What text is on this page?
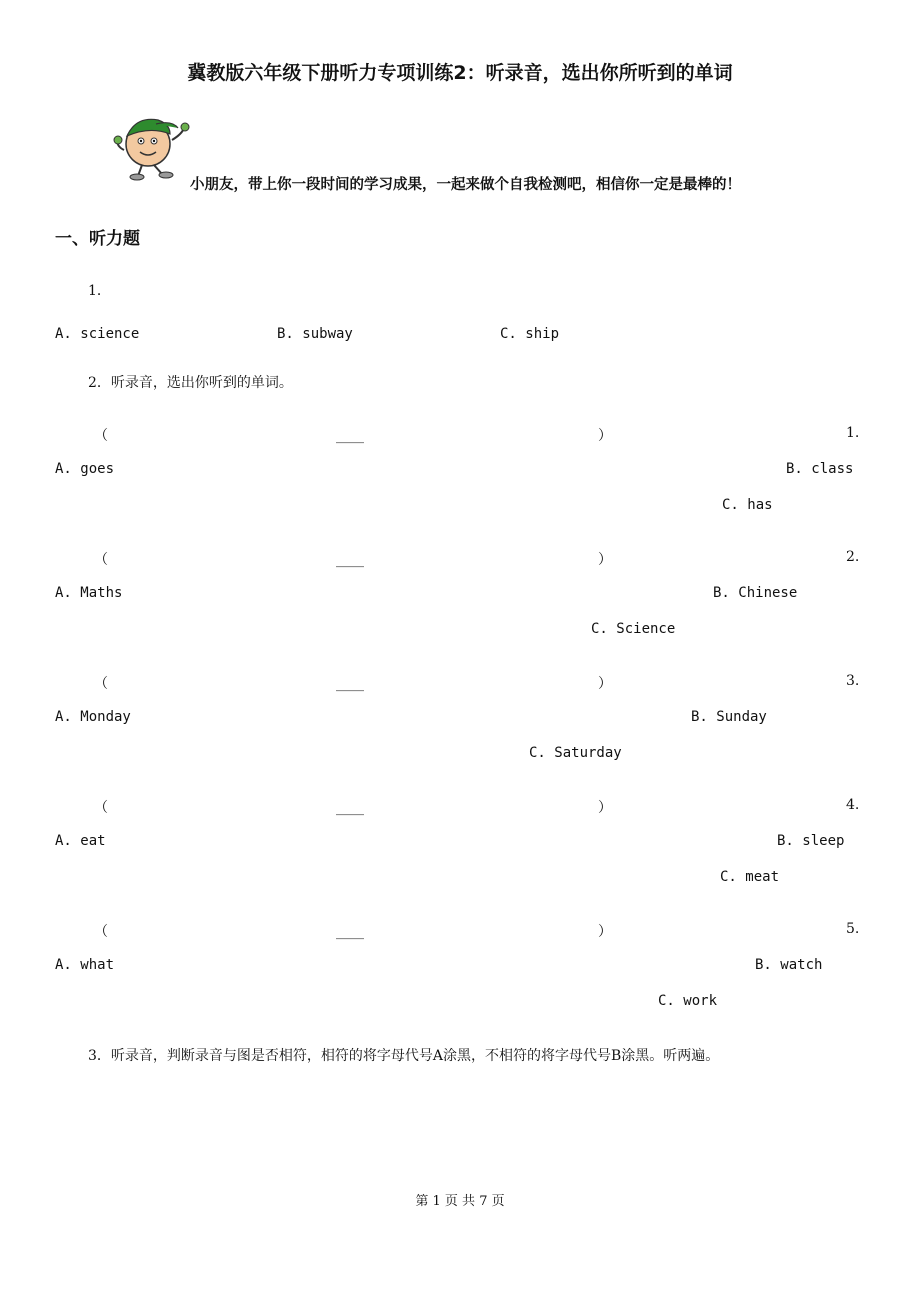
冀教版六年级下册听力专项训练2：听录音，选出你所听到的单词
小朋友，带上你一段时间的学习成果，一起来做个自我检测吧，相信你一定是最棒的！
一、听力题
1．
A. science	B. subway	C. ship
2．听录音，选出你听到的单词。
（	____	）	1.
A. goes	B. class
C. has
（	____	）	2.
A. Maths	B. Chinese
C. Science
（	____	）	3.
A. Monday	B. Sunday
C. Saturday
（	____	）	4.
A. eat	B. sleep
C. meat
（	____	）	5.
A. what	B. watch
C. work
3．听录音，判断录音与图是否相符，相符的将字母代号A涂黑，不相符的将字母代号B涂黑。听两遍。
第 1 页 共 7 页
